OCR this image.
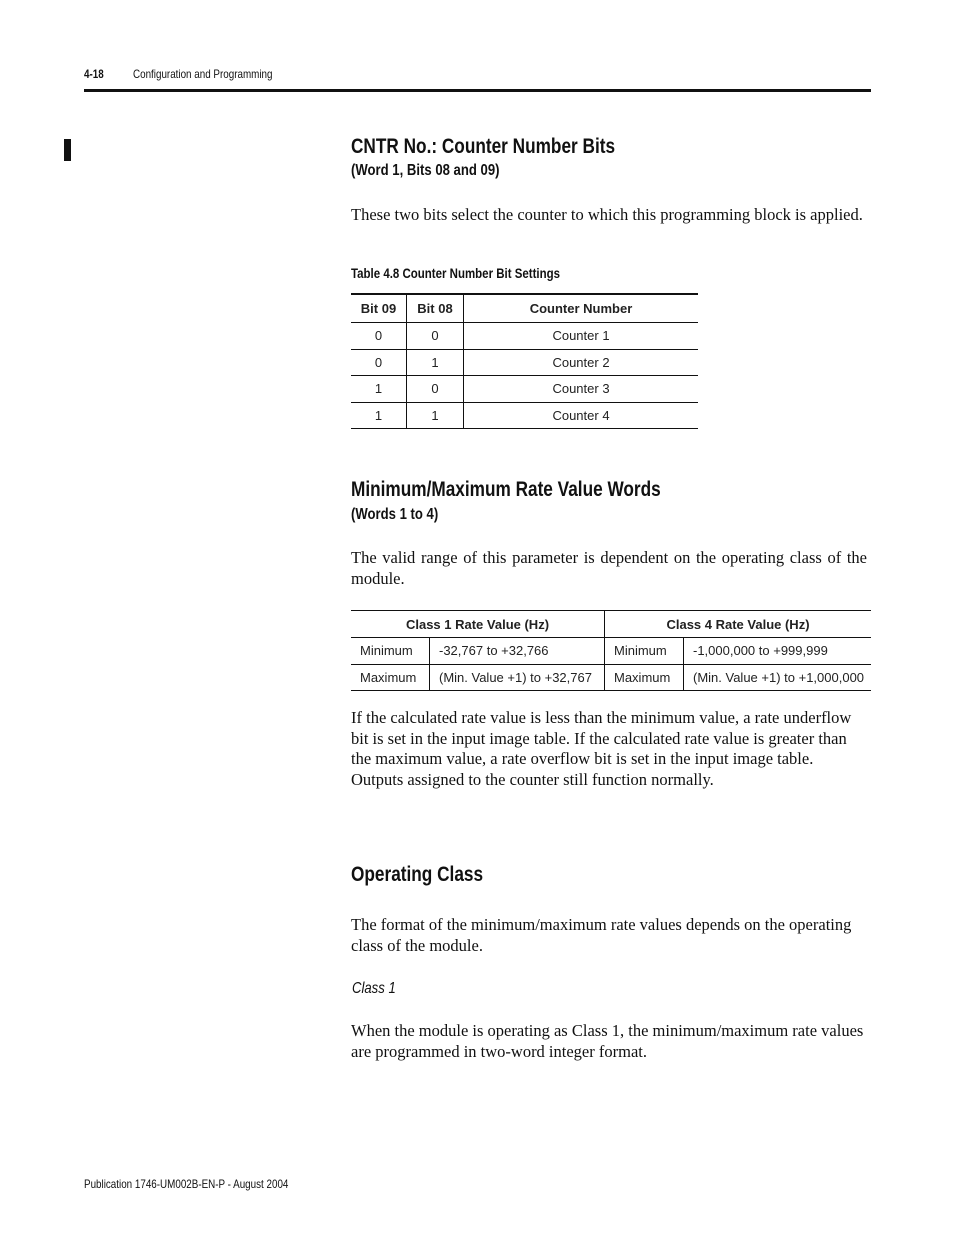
4-18 Configuration and Programming
CNTR No.: Counter Number Bits
(Word 1, Bits 08 and 09)
These two bits select the counter to which this programming block is applied.
Table 4.8 Counter Number Bit Settings
Bit 09	Bit 08	Counter Number
0	0	Counter 1
0	1	Counter 2
1	0	Counter 3
1	1	Counter 4
Minimum/Maximum Rate Value Words
(Words 1 to 4)
The valid range of this parameter is dependent on the operating class of the module.
Class 1 Rate Value (Hz)		Class 4 Rate Value (Hz)	
Minimum	-32,767 to +32,766	Minimum	-1,000,000 to +999,999
Maximum	(Min. Value +1) to +32,767	Maximum	(Min. Value +1) to +1,000,000
If the calculated rate value is less than the minimum value, a rate underflow bit is set in the input image table. If the calculated rate value is greater than the maximum value, a rate overflow bit is set in the input image table. Outputs assigned to the counter still function normally.
Operating Class
The format of the minimum/maximum rate values depends on the operating class of the module.
Class 1
When the module is operating as Class 1, the minimum/maximum rate values are programmed in two-word integer format.
Publication 1746-UM002B-EN-P - August 2004
